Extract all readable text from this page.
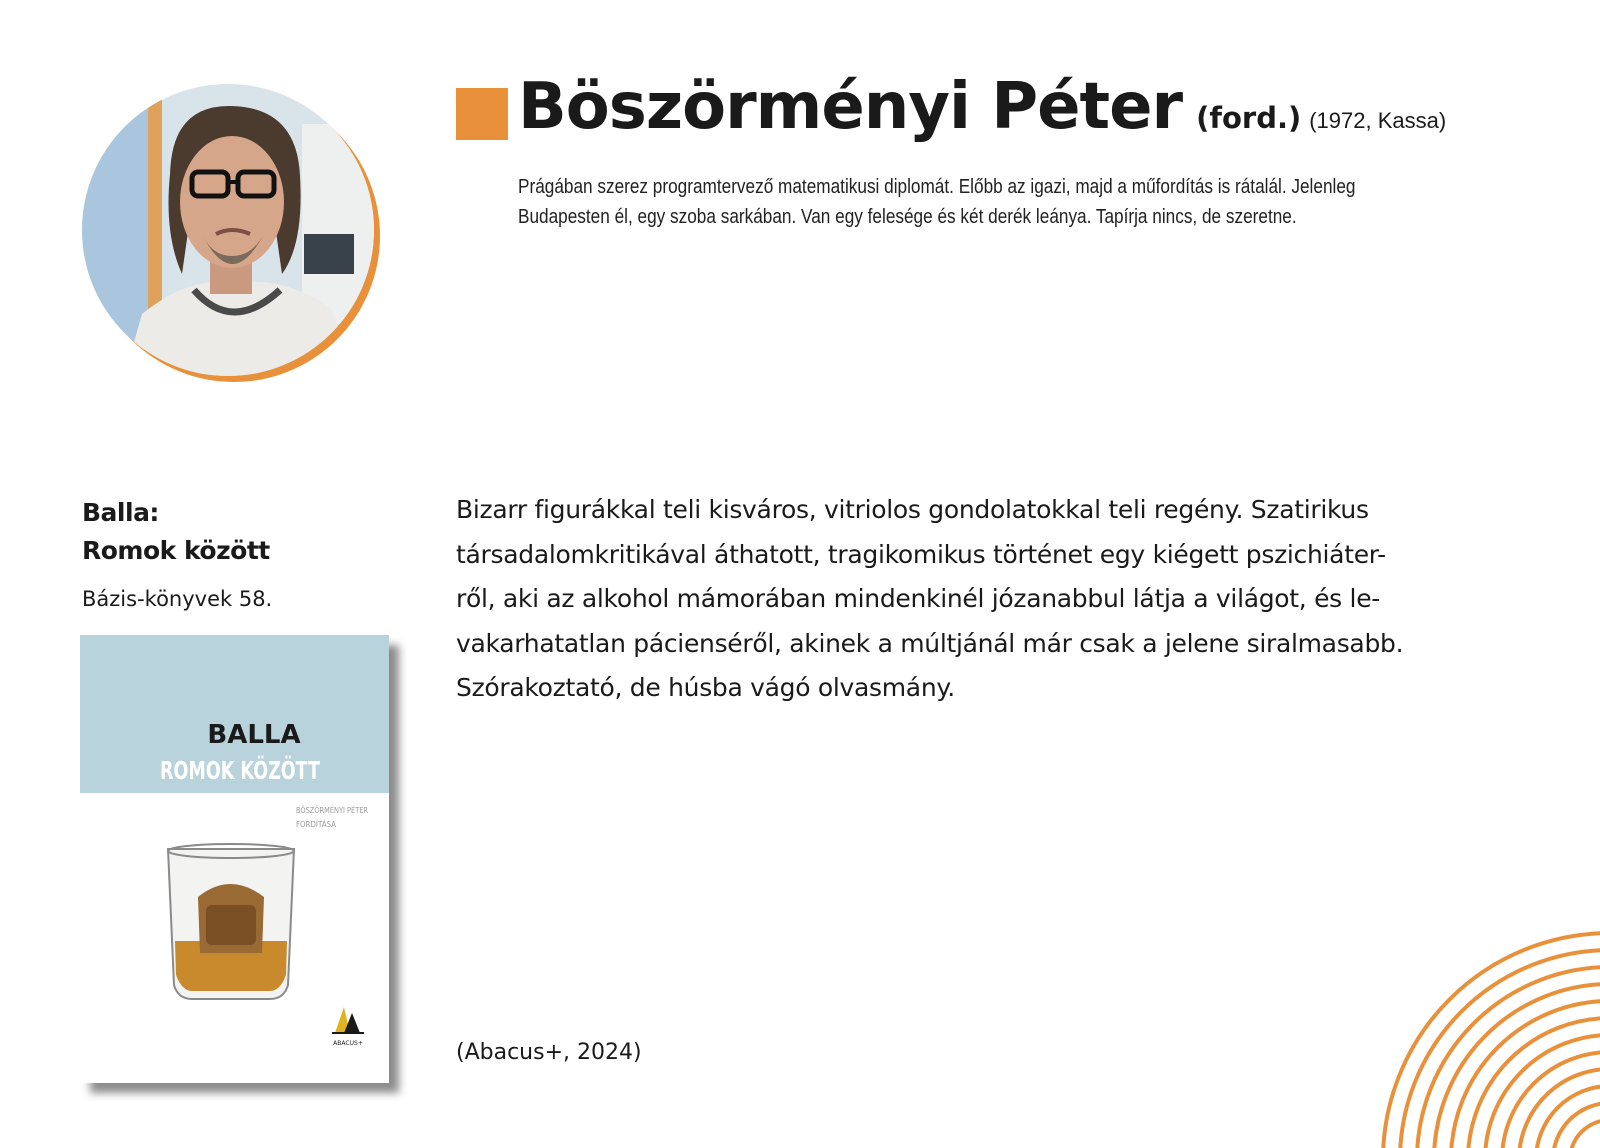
Böszörményi Péter (ford.) (1972, Kassa)
Prágában szerez programtervező matematikusi diplomát. Előbb az igazi, majd a műfordítás is rátalál. Jelenleg
Budapesten él, egy szoba sarkában. Van egy felesége és két derék leánya. Tapírja nincs, de szeretne.
Balla:
Romok között
Bázis-könyvek 58.
BALLA
ROMOK KÖZÖTT
BÖSZÖRMÉNYI PÉTER
FORDÍTÁSA
ABACUS+
Bizarr figurákkal teli kisváros, vitriolos gondolatokkal teli regény. Szatirikus
társadalomkritikával áthatott, tragikomikus történet egy kiégett pszichiáter-
ről, aki az alkohol mámorában mindenkinél józanabbul látja a világot, és le-
vakarhatatlan pácienséről, akinek a múltjánál már csak a jelene siralmasabb.
Szórakoztató, de húsba vágó olvasmány.
(Abacus+, 2024)
